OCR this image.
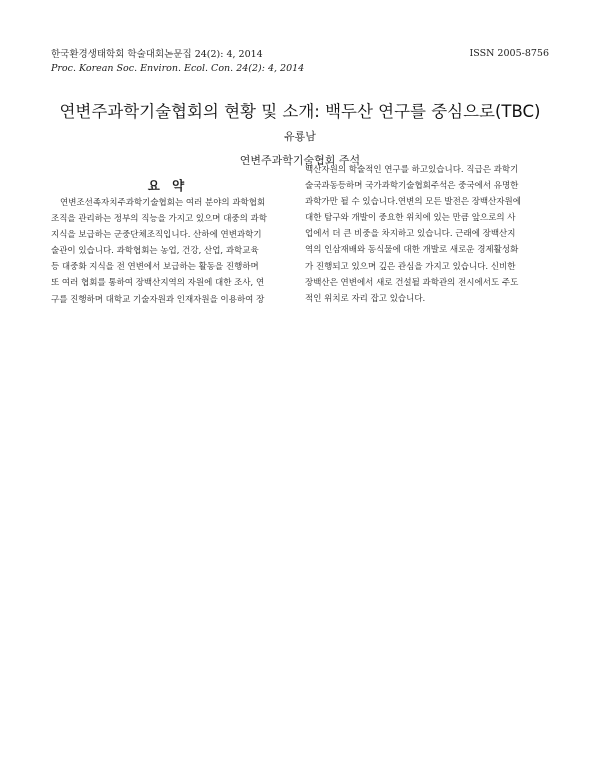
한국환경생태학회 학술대회논문집 24(2): 4, 2014
Proc. Korean Soc. Environ. Ecol. Con. 24(2): 4, 2014
ISSN 2005-8756
연변주과학기술협회의 현황 및 소개: 백두산 연구를 중심으로(TBC)
유룡남
연변주과학기술협회 주석
요 약
연변조선족자치주과학기술협회는 여러 분야의 과학협회
조직을 관리하는 정부의 직능을 가지고 있으며 대중의 과학
지식을 보급하는 군중단체조직입니다. 산하에 연변과학기
술관이 있습니다. 과학협회는 농업, 건강, 산업, 과학교육
등 대중화 지식을 전 연변에서 보급하는 활동을 진행하며
또 여러 협회를 통하여 장백산지역의 자원에 대한 조사, 연
구를 진행하며 대학교 기술자원과 인재자원을 이용하여 장
백산자원의 학술적인 연구를 하고있습니다. 직급은 과학기
술국과동등하며 국가과학기술협회주석은 중국에서 유명한
과학가만 될 수 있습니다.연변의 모든 발전은 장백산자원에
대한 탐구와 개발이 중요한 위치에 있는 만큼 앞으로의 사
업에서 더 큰 비중을 차지하고 있습니다. 근래에 장백산지
역의 인삼재배와 동식물에 대한 개발로 새로운 경제활성화
가 진행되고 있으며 깊은 관심을 가지고 있습니다. 신비한
장백산은 연변에서 새로 건설될 과학관의 전시에서도 주도
적인 위치로 자리 잡고 있습니다.
